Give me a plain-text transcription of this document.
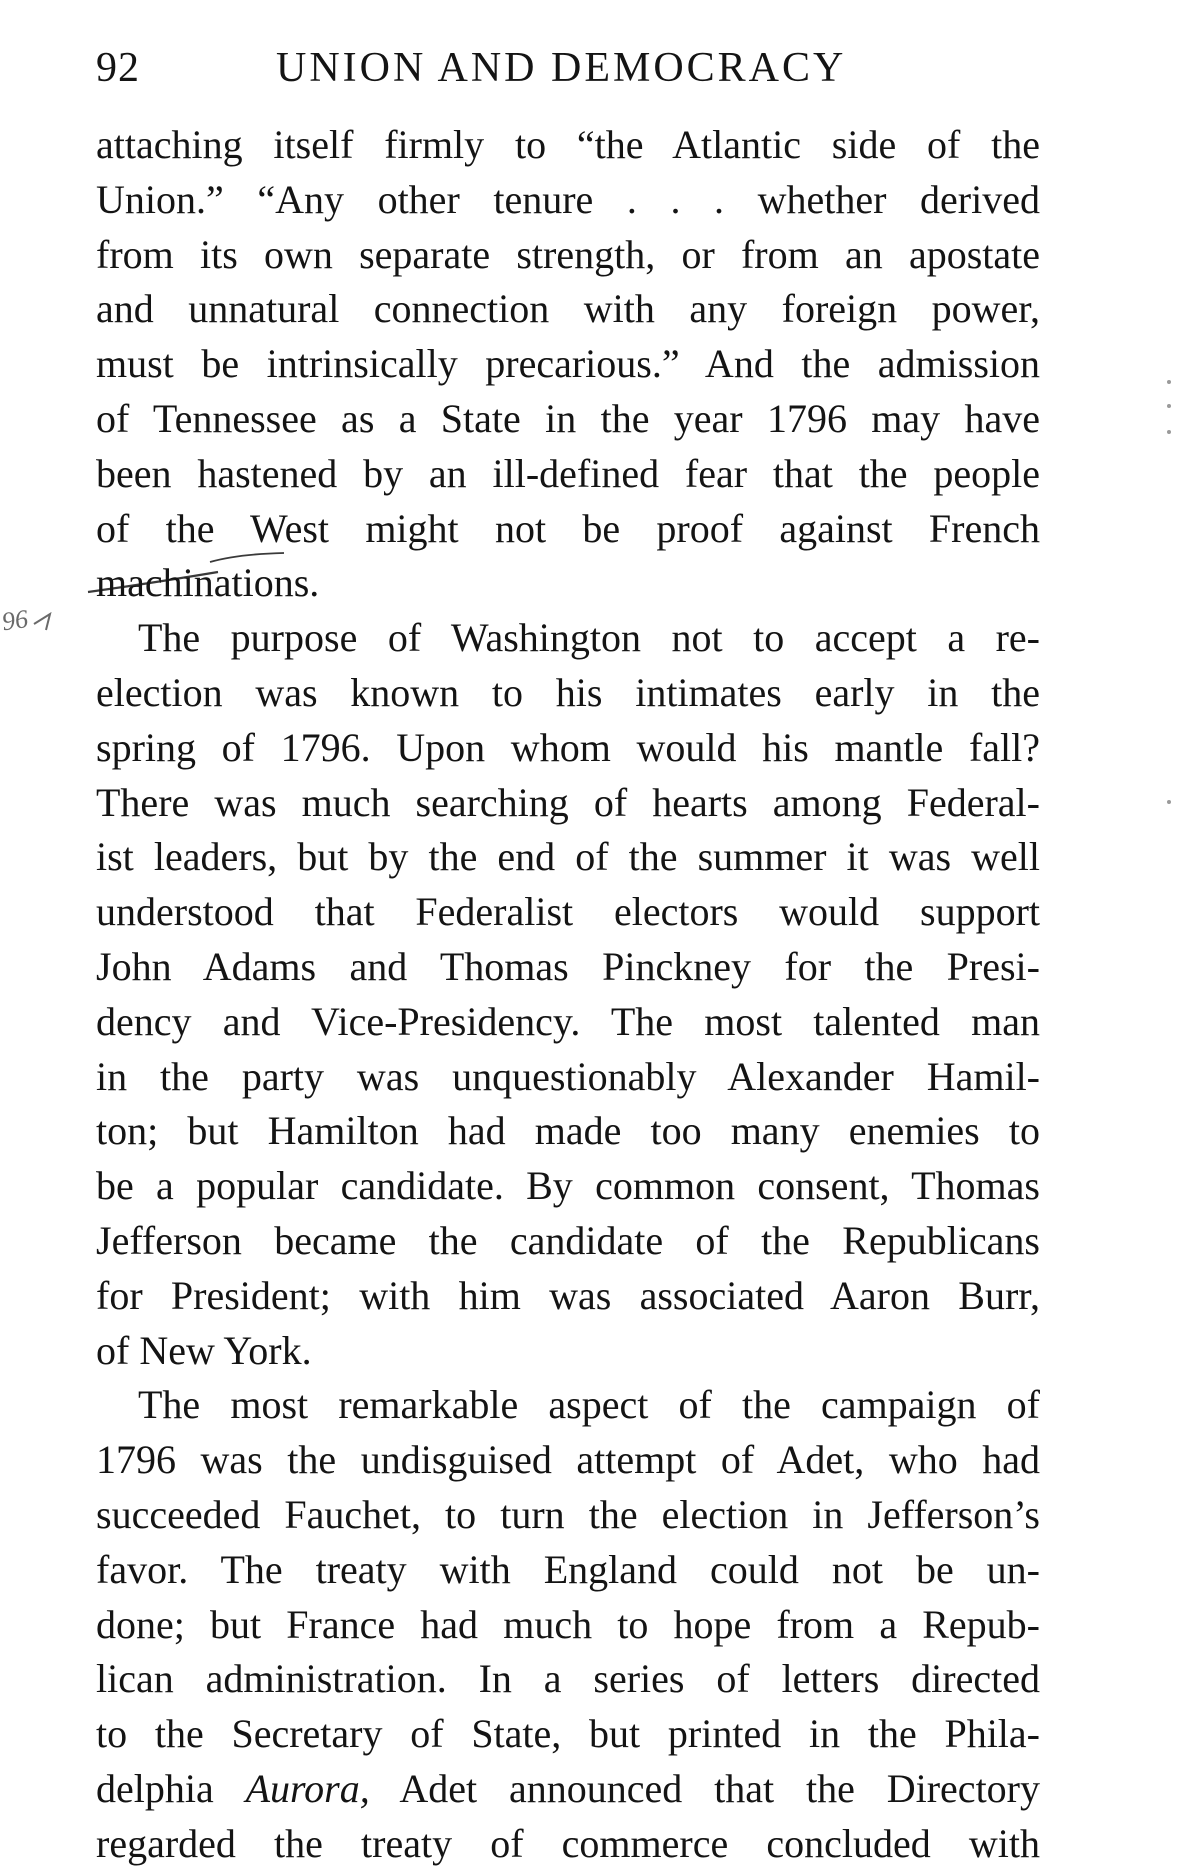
92	UNION AND DEMOCRACY
96
attaching itself firmly to “the Atlantic side of the
Union.” “Any other tenure . . . whether derived
from its own separate strength, or from an apostate
and unnatural connection with any foreign power,
must be intrinsically precarious.” And the admission
of Tennessee as a State in the year 1796 may have
been hastened by an ill-defined fear that the people
of the West might not be proof against French
machinations.
The purpose of Washington not to accept a re-
election was known to his intimates early in the
spring of 1796. Upon whom would his mantle fall?
There was much searching of hearts among Federal-
ist leaders, but by the end of the summer it was well
understood that Federalist electors would support
John Adams and Thomas Pinckney for the Presi-
dency and Vice-Presidency. The most talented man
in the party was unquestionably Alexander Hamil-
ton; but Hamilton had made too many enemies to
be a popular candidate. By common consent, Thomas
Jefferson became the candidate of the Republicans
for President; with him was associated Aaron Burr,
of New York.
The most remarkable aspect of the campaign of
1796 was the undisguised attempt of Adet, who had
succeeded Fauchet, to turn the election in Jefferson’s
favor. The treaty with England could not be un-
done; but France had much to hope from a Repub-
lican administration. In a series of letters directed
to the Secretary of State, but printed in the Phila-
delphia Aurora, Adet announced that the Directory
regarded the treaty of commerce concluded with
